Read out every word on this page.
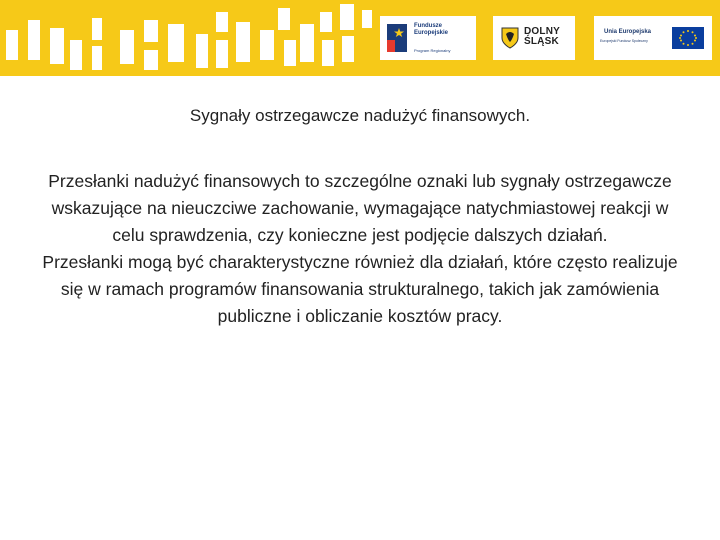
Fundusze
Europejskie
Program Regionalny
DOLNY
ŚLĄSK
Unia Europejska
Europejski Fundusz Społeczny
Sygnały ostrzegawcze nadużyć finansowych.

Przesłanki nadużyć finansowych to szczególne oznaki lub sygnały ostrzegawcze wskazujące na nieuczciwe zachowanie, wymagające natychmiastowej reakcji w celu sprawdzenia, czy konieczne jest podjęcie dalszych działań.

Przesłanki mogą być charakterystyczne również dla działań, które często realizuje się w ramach programów finansowania strukturalnego, takich jak zamówienia publiczne i obliczanie kosztów pracy.
